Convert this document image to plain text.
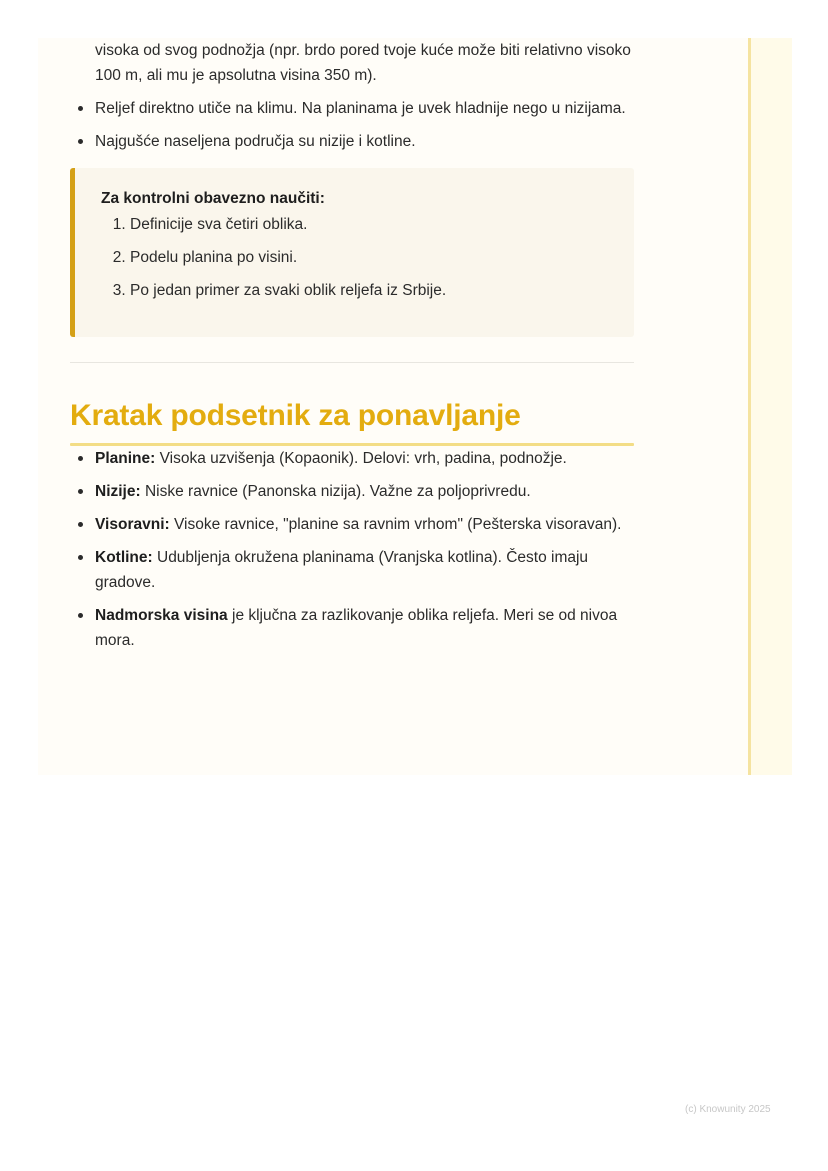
visoka od svog podnožja (npr. brdo pored tvoje kuće može biti relativno visoko 100 m, ali mu je apsolutna visina 350 m).
Reljef direktno utiče na klimu. Na planinama je uvek hladnije nego u nizijama.
Najgušće naseljena područja su nizije i kotline.
Za kontrolni obavezno naučiti:
1. Definicije sva četiri oblika.
2. Podelu planina po visini.
3. Po jedan primer za svaki oblik reljefa iz Srbije.
Kratak podsetnik za ponavljanje
Planine: Visoka uzvišenja (Kopaonik). Delovi: vrh, padina, podnožje.
Nizije: Niske ravnice (Panonska nizija). Važne za poljoprivredu.
Visoravni: Visoke ravnice, "planine sa ravnim vrhom" (Pešterska visoravan).
Kotline: Udubljenja okružena planinama (Vranjska kotlina). Često imaju gradove.
Nadmorska visina je ključna za razlikovanje oblika reljefa. Meri se od nivoa mora.
(c) Knowunity 2025
